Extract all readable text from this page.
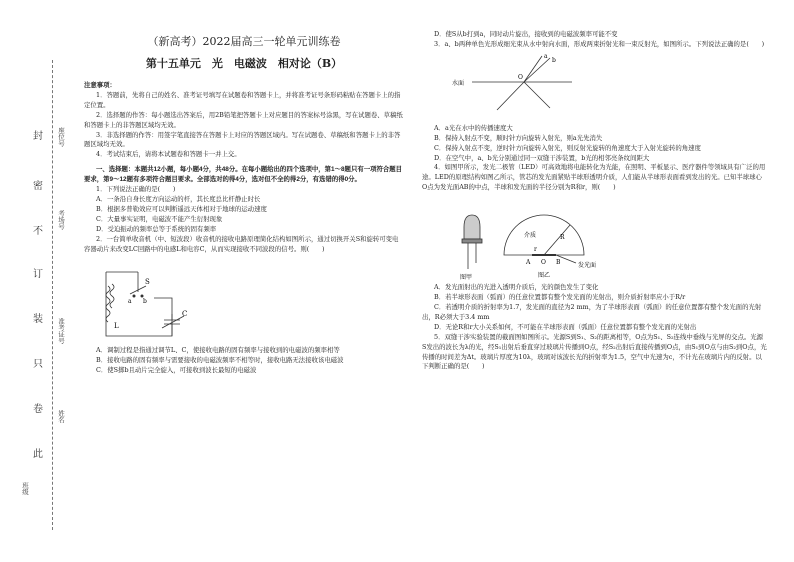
封
密
不
订
装
只
卷
此
座位号
考场号
准考证号
姓名
班级
（新高考）2022届高三一轮单元训练卷
第十五单元　光　电磁波　相对论（B）

注意事项：

1．答题前，先将自己的姓名、准考证号填写在试题卷和答题卡上，并将准考证号条形码粘贴在答题卡上的指定位置。

2．选择题的作答：每小题选出答案后，用2B铅笔把答题卡上对应题目的答案标号涂黑，写在试题卷、草稿纸和答题卡上的非答题区域均无效。

3．非选择题的作答：用签字笔直接答在答题卡上对应的答题区域内。写在试题卷、草稿纸和答题卡上的非答题区域均无效。

4．考试结束后，请将本试题卷和答题卡一并上交。

一、选择题：本题共12小题，每小题4分，共48分。在每小题给出的四个选项中，第1～8题只有一项符合题目要求，第9～12题有多项符合题目要求。全部选对的得4分，选对但不全的得2分，有选错的得0分。

1．下列说法正确的是(　　)

A．一条沿自身长度方向运动的杆，其长度总比杆静止时长

B．根据多普勒效应可以判断遥远天体相对于地球的运动速度

C．大量事实证明，电磁波不能产生衍射现象

D．受迫振动的频率总等于系统的固有频率

2．一台简单收音机（中、短波段）收音机的接收电路原理简化结构如图所示，通过切换开关S和旋转可变电容器动片来改变LC回路中的电感L和电容C，从而实现接收不同波段的信号。则(　　)

S
a b
L
C

A．调制过程是指通过调节L、C，使接收电路的固有频率与接收到的电磁波的频率相等

B．接收电路的固有频率与需要接收的电磁波频率不相等时，接收电路无法接收该电磁波

C．使S掷b且动片完全旋入，可接收到波长最短的电磁波

D．使S从b打到a，同时动片旋出，接收到的电磁波频率可能不变

3．a、b两种单色光形成细光束从水中射向水面，形成两束折射光和一束反射光，如图所示。下列说法正确的是(　　)

水面
O
a
b

A．a光在水中的传播速度大

B．保持入射点不变，顺时针方向旋转入射光，则a光先消失

C．保持入射点不变，逆时针方向旋转入射光，则反射光旋转的角速度大于入射光旋转的角速度

D．在空气中，a、b光分别通过同一双缝干涉装置，b光的相邻亮条纹间距大

4．如图甲所示，发光二极管（LED）可高效地将电能转化为光能，在照明、平板显示、医疗器件等领域具有广泛的用途。LED的原理结构如图乙所示，管芯的发光面紧贴半球形透明介质，人们能从半球形表面看到发出的光。已知半球球心O点为发光面AB的中点，半球和发光面的半径分别为R和r，则(　　)

图甲	图乙
介质
发光面
R
A	B
O
r

A．发光面射出的光进入透明介质后，光的颜色发生了变化

B．若半球形表面（弧面）的任意位置都有整个发光面的光射出，则介质折射率应小于R/r

C．若透明介质的折射率为1.7，发光面的直径为2 mm，为了半球形表面（弧面）的任意位置都有整个发光面的光射出，R必须大于3.4 mm

D．无论R和r大小关系如何，不可能在半球形表面（弧面）任意位置都有整个发光面的光射出

5．双缝干涉实验装置的截面图如图所示。光源S到S₁、S₂的距离相等，O点为S₁、S₂连线中垂线与光屏的交点。光源S发出的波长为λ的光，经S₁出射后垂直穿过玻璃片传播到O点，经S₂出射后直接传播到O点，由S₁到O点与由S₂到O点，光传播的时间差为Δt。玻璃片厚度为10λ，玻璃对该波长光的折射率为1.5，空气中光速为c，不计光在玻璃片内的反射。以下判断正确的是(　　)
